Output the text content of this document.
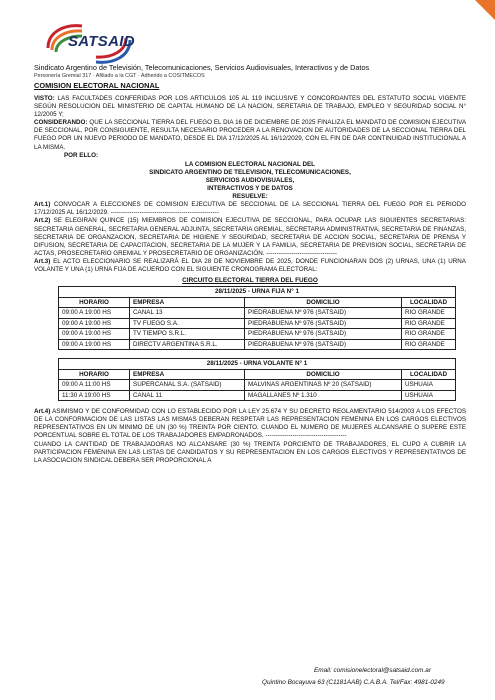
SATSAID
Sindicato Argentino de Televisión, Telecomunicaciones, Servicios Audiovisuales, Interactivos y de Datos
Personería Gremial 317 · Afiliado a la CGT · Adherido a COSITMECOS
COMISION ELECTORAL NACIONAL

VISTO: LAS FACULTADES CONFERIDAS POR LOS ARTICULOS 105 AL 119 INCLUSIVE Y CONCORDANTES DEL ESTATUTO SOCIAL VIGENTE SEGÚN RESOLUCION DEL MINISTERIO DE CAPITAL HUMANO DE LA NACION, SERETARIA DE TRABAJO, EMPLEO Y SEGURIDAD SOCIAL N° 12/2005 Y;

CONSIDERANDO: QUE LA SECCIONAL TIERRA DEL FUEGO EL DIA 16 DE DICIEMBRE DE 2025 FINALIZA EL MANDATO DE COMISION EJECUTIVA DE SECCIONAL, POR CONSIGUIENTE, RESULTA NECESARIO PROCEDER A LA RENOVACION DE AUTORIDADES DE LA SECCIONAL TIERRA DEL FUEGO POR UN NUEVO PERIODO DE MANDATO, DESDE EL DIA 17/12/2025 AL 16/12/2029, CON EL FIN DE DAR CONTINUIDAD INSTITUCIONAL A LA MISMA.

POR ELLO:

LA COMISION ELECTORAL NACIONAL DEL
SINDICATO ARGENTINO DE TELEVISION, TELECOMUNICACIONES,
SERVICIOS AUDIOVISUALES,
INTERACTIVOS Y DE DATOS
RESUELVE:

Art.1) CONVOCAR A ELECCIONES DE COMISION EJECUTIVA DE SECCIONAL DE LA SECCIONAL TIERRA DEL FUEGO POR EL PERIODO 17/12/2025 AL 16/12/2029. ----------------------------------------------------

Art.2) SE ELEGIRAN QUINCE (15) MIEMBROS DE COMISION EJECUTIVA DE SECCIONAL, PARA OCUPAR LAS SIGUIENTES SECRETARIAS: SECRETARIA GENERAL, SECRETARIA GENERAL ADJUNTA, SECRETARIA GREMIAL, SECRETARIA ADMINISTRATIVA, SECRETARIA DE FINANZAS, SECRETARIA DE ORGANZACION, SECRETARIA DE HIGIENE Y SEGURIDAD, SECRETARIA DE ACCION SOCIAL, SECRETARIA DE PRENSA Y DIFUSION, SECRETARIA DE CAPACITACION, SECRETARIA DE LA MUJER Y LA FAMILIA, SECRETARIA DE PREVISION SOCIAL, SECRETARIA DE ACTAS, PROSECRETARIO GREMIAL Y PROSECRETARIO DE ORGANIZACIÓN. ----------------------------------

Art.3) EL ACTO ELECCIONARIO SE REALIZARÁ EL DIA 28 DE NOVIEMBRE DE 2025, DONDE FUNCIONARAN DOS (2) URNAS, UNA (1) URNA VOLANTE Y UNA (1) URNA FIJA DE ACUERDO CON EL SIGUIENTE CRONOGRAMA ELECTORAL:

CIRCUITO ELECTORAL TIERRA DEL FUEGO

28/11/2025 - URNA FIJA N° 1			
HORARIO	EMPRESA	DOMICILIO	LOCALIDAD
09:00 A 19:00 HS	CANAL 13	PIEDRABUENA Nº 976 (SATSAID)	RIO GRANDE
09:00 A 19:00 HS	TV FUEGO S.A.	PIEDRABUENA Nº 976 (SATSAID)	RIO GRANDE
09:00 A 19:00 HS	TV TIEMPO S.R.L.	PIEDRABUENA Nº 976 (SATSAID)	RIO GRANDE
09:00 A 19:00 HS	DIRECTV ARGENTINA S.R.L.	PIEDRABUENA Nº 976 (SATSAID)	RIO GRANDE
28/11/2025 - URNA VOLANTE N° 1			
HORARIO	EMPRESA	DOMICILIO	LOCALIDAD
09:00 A 11:00 HS	SUPERCANAL S.A. (SATSAID)	MALVINAS ARGENTINAS Nº 20 (SATSAID)	USHUAIA
11:30 A 19:00 HS	CANAL 11	MAGALLANES Nº 1.310	USHUAIA

Art.4) ASIMISMO Y DE CONFORMIDAD CON LO ESTABLECIDO POR LA LEY 25.674 Y SU DECRETO REGLAMENTARIO 514/2003 A LOS EFECTOS DE LA CONFORMACION DE LAS LISTAS LAS MISMAS DEBERAN RESPETAR LAS REPRESENTACION FEMENINA EN LOS CARGOS ELECTIVOS REPRESENTATIVOS EN UN MINIMO DE UN (30 %) TREINTA POR CIENTO. CUANDO EL NUMERO DE MUJERES ALCANSARE O SUPERE ESTE PORCENTUAL SOBRE EL TOTAL DE LOS TRABAJADORES EMPADRONADOS. ---------------------------------------

CUANDO LA CANTIDAD DE TRABAJADORAS NO ALCANSARE (30 %) TREINTA PORCIENTO DE TRABAJADORES, EL CUPO A CUBRIR LA PARTICIPACION FEMENINA EN LAS LISTAS DE CANDIDATOS Y SU REPRESENTACION EN LOS CARGOS ELECTIVOS Y REPRESENTATIVOS DE LA ASOCIACION SINDICAL DEBERA SER PROPORCIONAL A

Email: comisionelectoral@satsaid.com.ar
Quintino Bocayuva 63 (C1181AAB) C.A.B.A. Tel/Fax: 4981-0249
